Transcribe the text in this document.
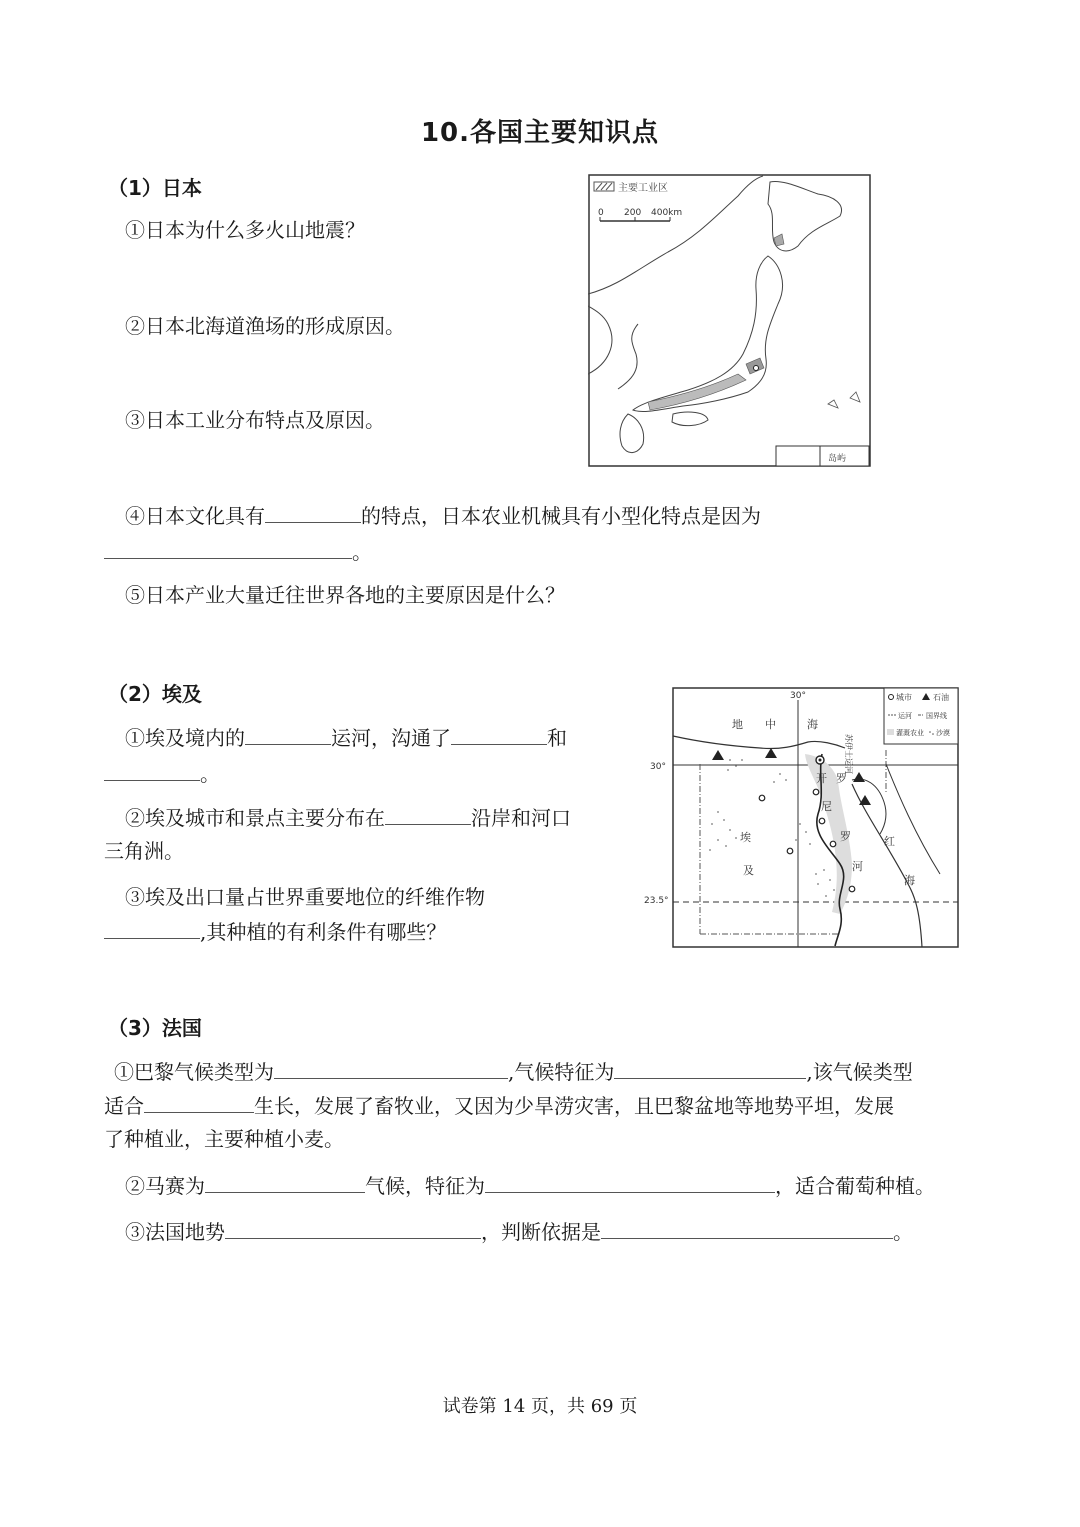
10.各国主要知识点
（1）日本
①日本为什么多火山地震？
②日本北海道渔场的形成原因。
③日本工业分布特点及原因。
④日本文化具有	的特点，日本农业机械具有小型化特点是因为
。
⑤日本产业大量迁往世界各地的主要原因是什么？
主要工业区
0 200 400km
岛屿
（2）埃及
①埃及境内的	运河，沟通了	和
。
②埃及城市和景点主要分布在	沿岸和河口
三角洲。
③埃及出口量占世界重要地位的纤维作物
,其种植的有利条件有哪些？
30°
30°
23.5°
地 中	海
埃
及
苏伊士运河
开 罗
尼
罗
河
红
海
城市	石油
运河 国界线
灌溉农业 沙漠
（3）法国
①巴黎气候类型为	,气候特征为	,该气候类型
适合	生长，发展了畜牧业，又因为少旱涝灾害，且巴黎盆地等地势平坦，发展
了种植业，主要种植小麦。
②马赛为	气候，特征为	，适合葡萄种植。
③法国地势	，判断依据是	。
试卷第 14 页，共 69 页
